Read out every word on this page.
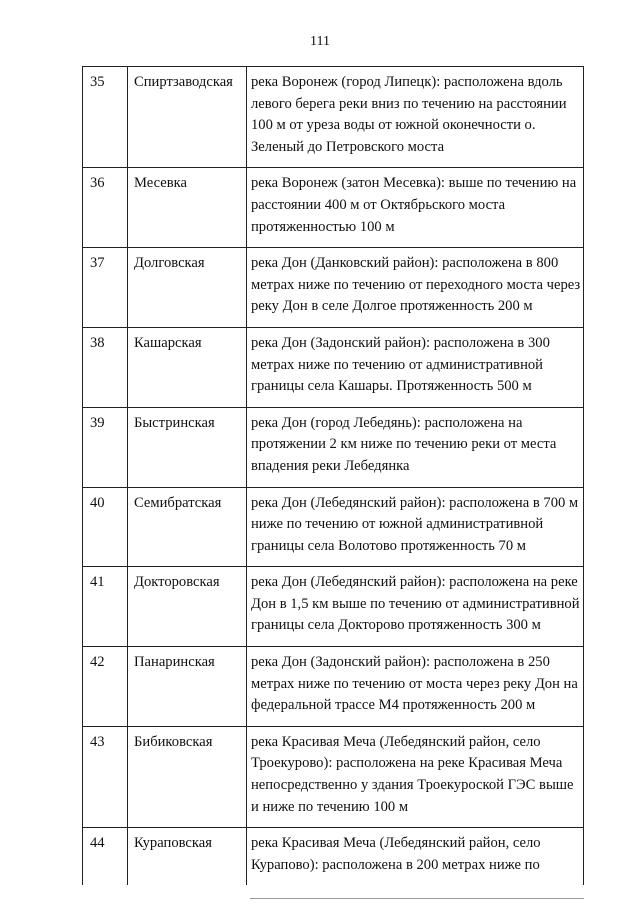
111
35	Спиртзаводская	река Воронеж (город Липецк): расположена вдоль левого берега реки вниз по течению на расстоянии 100 м от уреза воды от южной оконечности о. Зеленый до Петровского моста
36	Месевка	река Воронеж (затон Месевка): выше по течению на расстоянии 400 м от Октябрьского моста протяженностью 100 м
37	Долговская	река Дон (Данковский район): расположена в 800 метрах ниже по течению от переходного моста через реку Дон в селе Долгое протяженность 200 м
38	Кашарская	река Дон (Задонский район): расположена в 300 метрах ниже по течению от административной границы села Кашары. Протяженность 500 м
39	Быстринская	река Дон (город Лебедянь): расположена на протяжении 2 км ниже по течению реки от места впадения реки Лебедянка
40	Семибратская	река Дон (Лебедянский район): расположена в 700 м ниже по течению от южной административной границы села Волотово протяженность 70 м
41	Докторовская	река Дон (Лебедянский район): расположена на реке Дон в 1,5 км выше по течению от административной границы села Докторово протяженность 300 м
42	Панаринская	река Дон (Задонский район): расположена в 250 метрах ниже по течению от моста через реку Дон на федеральной трассе М4 протяженность 200 м
43	Бибиковская	река Красивая Меча (Лебедянский район, село Троекурово): расположена на реке Красивая Меча непосредственно у здания Троекуроской ГЭС выше и ниже по течению 100 м
44	Кураповская	река Красивая Меча (Лебедянский район, село Курапово): расположена в 200 метрах ниже по
